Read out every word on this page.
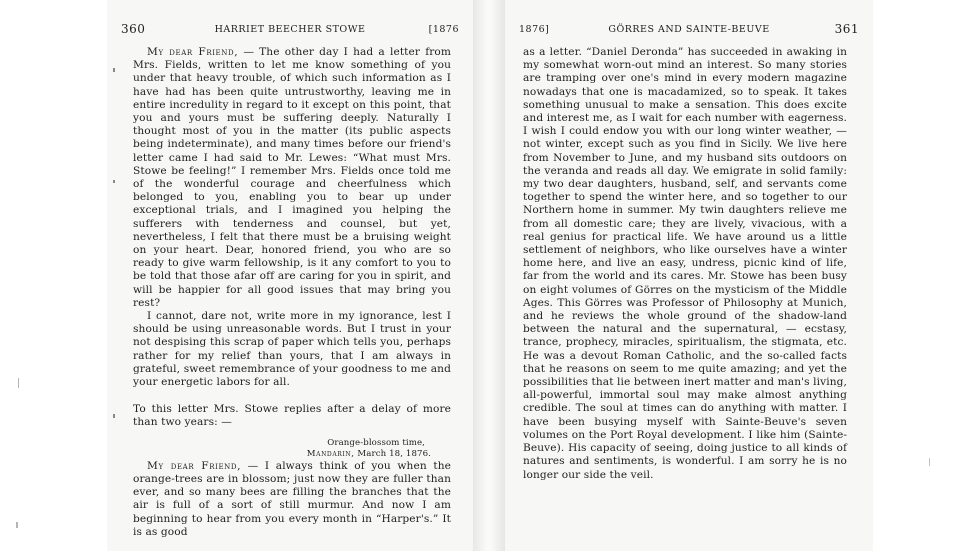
360	HARRIET BEECHER STOWE	[1876

My dear Friend, — The other day I had a letter from Mrs. Fields, written to let me know something of you under that heavy trouble, of which such information as I have had has been quite untrustworthy, leaving me in entire incredulity in regard to it except on this point, that you and yours must be suffering deeply. Naturally I thought most of you in the matter (its public aspects being indeterminate), and many times before our friend's letter came I had said to Mr. Lewes: “What must Mrs. Stowe be feeling!” I remember Mrs. Fields once told me of the wonderful courage and cheerfulness which belonged to you, enabling you to bear up under exceptional trials, and I imagined you helping the sufferers with tenderness and counsel, but yet, nevertheless, I felt that there must be a bruising weight on your heart. Dear, honored friend, you who are so ready to give warm fellowship, is it any comfort to you to be told that those afar off are caring for you in spirit, and will be happier for all good issues that may bring you rest?

I cannot, dare not, write more in my ignorance, lest I should be using unreasonable words. But I trust in your not despising this scrap of paper which tells you, perhaps rather for my relief than yours, that I am always in grateful, sweet remembrance of your goodness to me and your energetic labors for all.

To this letter Mrs. Stowe replies after a delay of more than two years: —

Orange-blossom time,
Mandarin, March 18, 1876.

My dear Friend, — I always think of you when the orange-trees are in blossom; just now they are fuller than ever, and so many bees are filling the branches that the air is full of a sort of still murmur. And now I am beginning to hear from you every month in “Harper's.” It is as good

1876]	GÖRRES AND SAINTE-BEUVE	361

as a letter. “Daniel Deronda” has succeeded in awaking in my somewhat worn-out mind an interest. So many stories are tramping over one's mind in every modern magazine nowadays that one is macadamized, so to speak. It takes something unusual to make a sensation. This does excite and interest me, as I wait for each number with eagerness. I wish I could endow you with our long winter weather, — not winter, except such as you find in Sicily. We live here from November to June, and my husband sits outdoors on the veranda and reads all day. We emigrate in solid family: my two dear daughters, husband, self, and servants come together to spend the winter here, and so together to our Northern home in summer. My twin daughters relieve me from all domestic care; they are lively, vivacious, with a real genius for practical life. We have around us a little settlement of neighbors, who like ourselves have a winter home here, and live an easy, undress, picnic kind of life, far from the world and its cares. Mr. Stowe has been busy on eight volumes of Görres on the mysticism of the Middle Ages. This Görres was Professor of Philosophy at Munich, and he reviews the whole ground of the shadow-land between the natural and the supernatural, — ecstasy, trance, prophecy, miracles, spiritualism, the stigmata, etc. He was a devout Roman Catholic, and the so-called facts that he reasons on seem to me quite amazing; and yet the possibilities that lie between inert matter and man's living, all-powerful, immortal soul may make almost anything credible. The soul at times can do anything with matter. I have been busying myself with Sainte-Beuve's seven volumes on the Port Royal development. I like him (Sainte-Beuve). His capacity of seeing, doing justice to all kinds of natures and sentiments, is wonderful. I am sorry he is no longer our side the veil.
